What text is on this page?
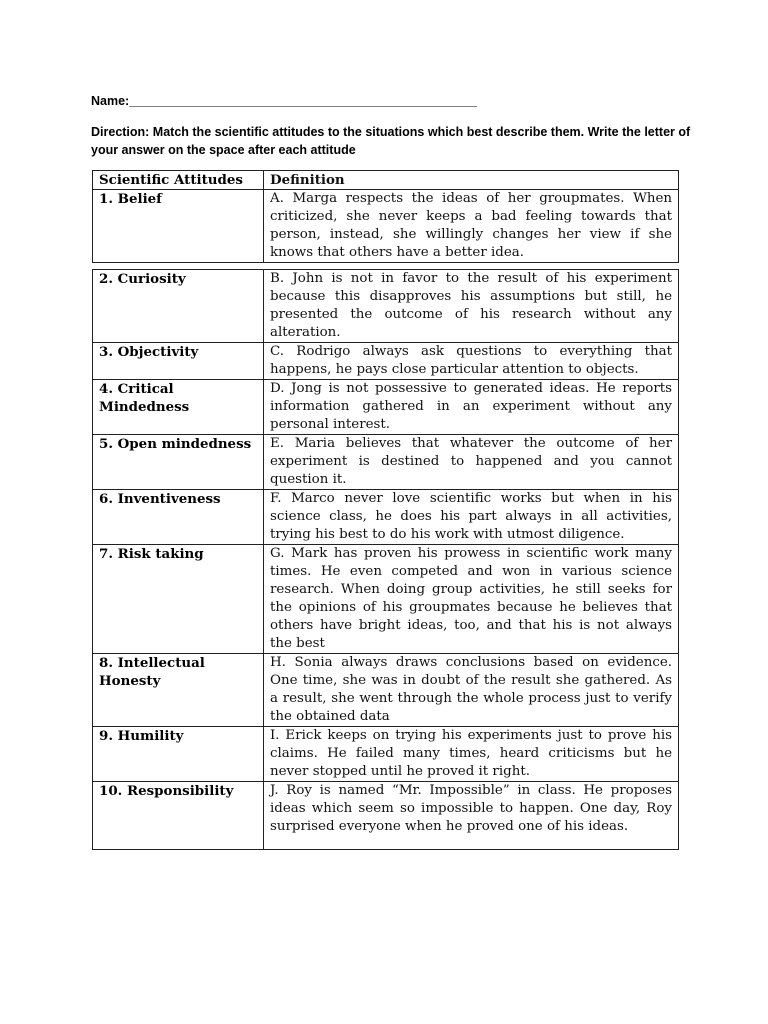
Name:__________________________________________________
Direction: Match the scientific attitudes to the situations which best describe them. Write the letter of your answer on the space after each attitude
Scientific Attitudes	Definition
1. Belief	A. Marga respects the ideas of her groupmates. When criticized, she never keeps a bad feeling towards that person, instead, she willingly changes her view if she knows that others have a better idea.
2. Curiosity	B. John is not in favor to the result of his experiment because this disapproves his assumptions but still, he presented the outcome of his research without any alteration.
3. Objectivity	C. Rodrigo always ask questions to everything that happens, he pays close particular attention to objects.
4. Critical Mindedness	D. Jong is not possessive to generated ideas. He reports information gathered in an experiment without any personal interest.
5. Open mindedness	E. Maria believes that whatever the outcome of her experiment is destined to happened and you cannot question it.
6. Inventiveness	F. Marco never love scientific works but when in his science class, he does his part always in all activities, trying his best to do his work with utmost diligence.
7. Risk taking	G. Mark has proven his prowess in scientific work many times. He even competed and won in various science research. When doing group activities, he still seeks for the opinions of his groupmates because he believes that others have bright ideas, too, and that his is not always the best
8. Intellectual Honesty	H. Sonia always draws conclusions based on evidence. One time, she was in doubt of the result she gathered. As a result, she went through the whole process just to verify the obtained data
9. Humility	I. Erick keeps on trying his experiments just to prove his claims. He failed many times, heard criticisms but he never stopped until he proved it right.
10. Responsibility	J. Roy is named “Mr. Impossible” in class. He proposes ideas which seem so impossible to happen. One day, Roy surprised everyone when he proved one of his ideas.
